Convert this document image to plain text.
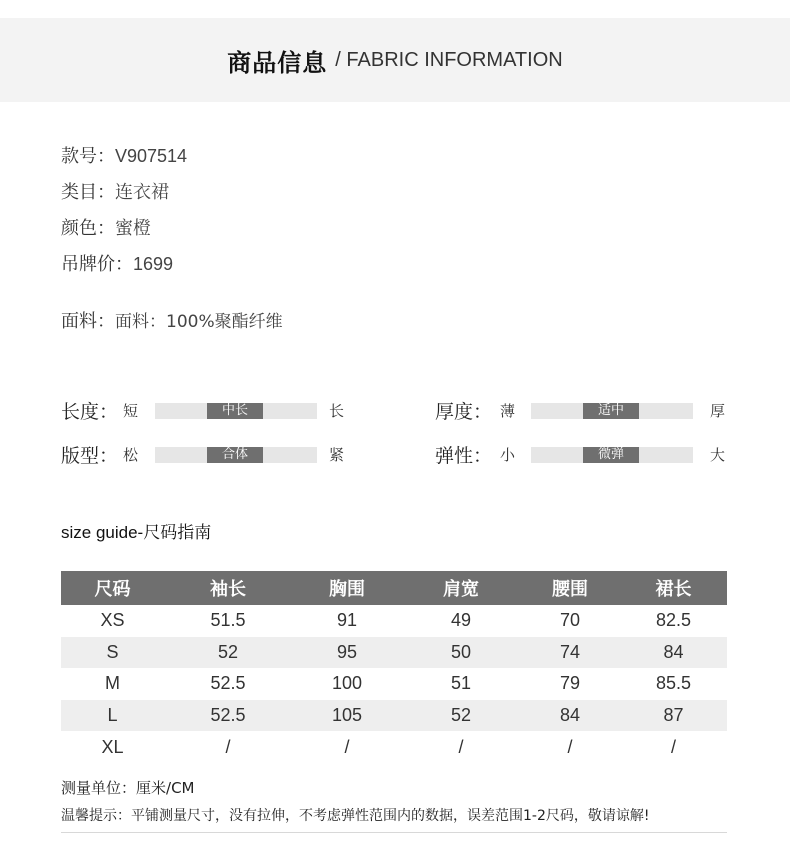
商品信息 / FABRIC INFORMATION
款号：V907514
类目：连衣裙
颜色：蜜橙
吊牌价：1699
面料：面料：100%聚酯纤维
长度： 短	中长	长	厚度： 薄	适中	厚
版型： 松	合体	紧	弹性： 小	微弹	大
size guide-尺码指南
尺码	袖长	胸围	肩宽	腰围	裙长
XS	51.5	91	49	70	82.5
S	52	95	50	74	84
M	52.5	100	51	79	85.5
L	52.5	105	52	84	87
XL	/	/	/	/	/
测量单位：厘米/CM
温馨提示：平铺测量尺寸，没有拉伸，不考虑弹性范围内的数据，误差范围1-2尺码，敬请谅解!
